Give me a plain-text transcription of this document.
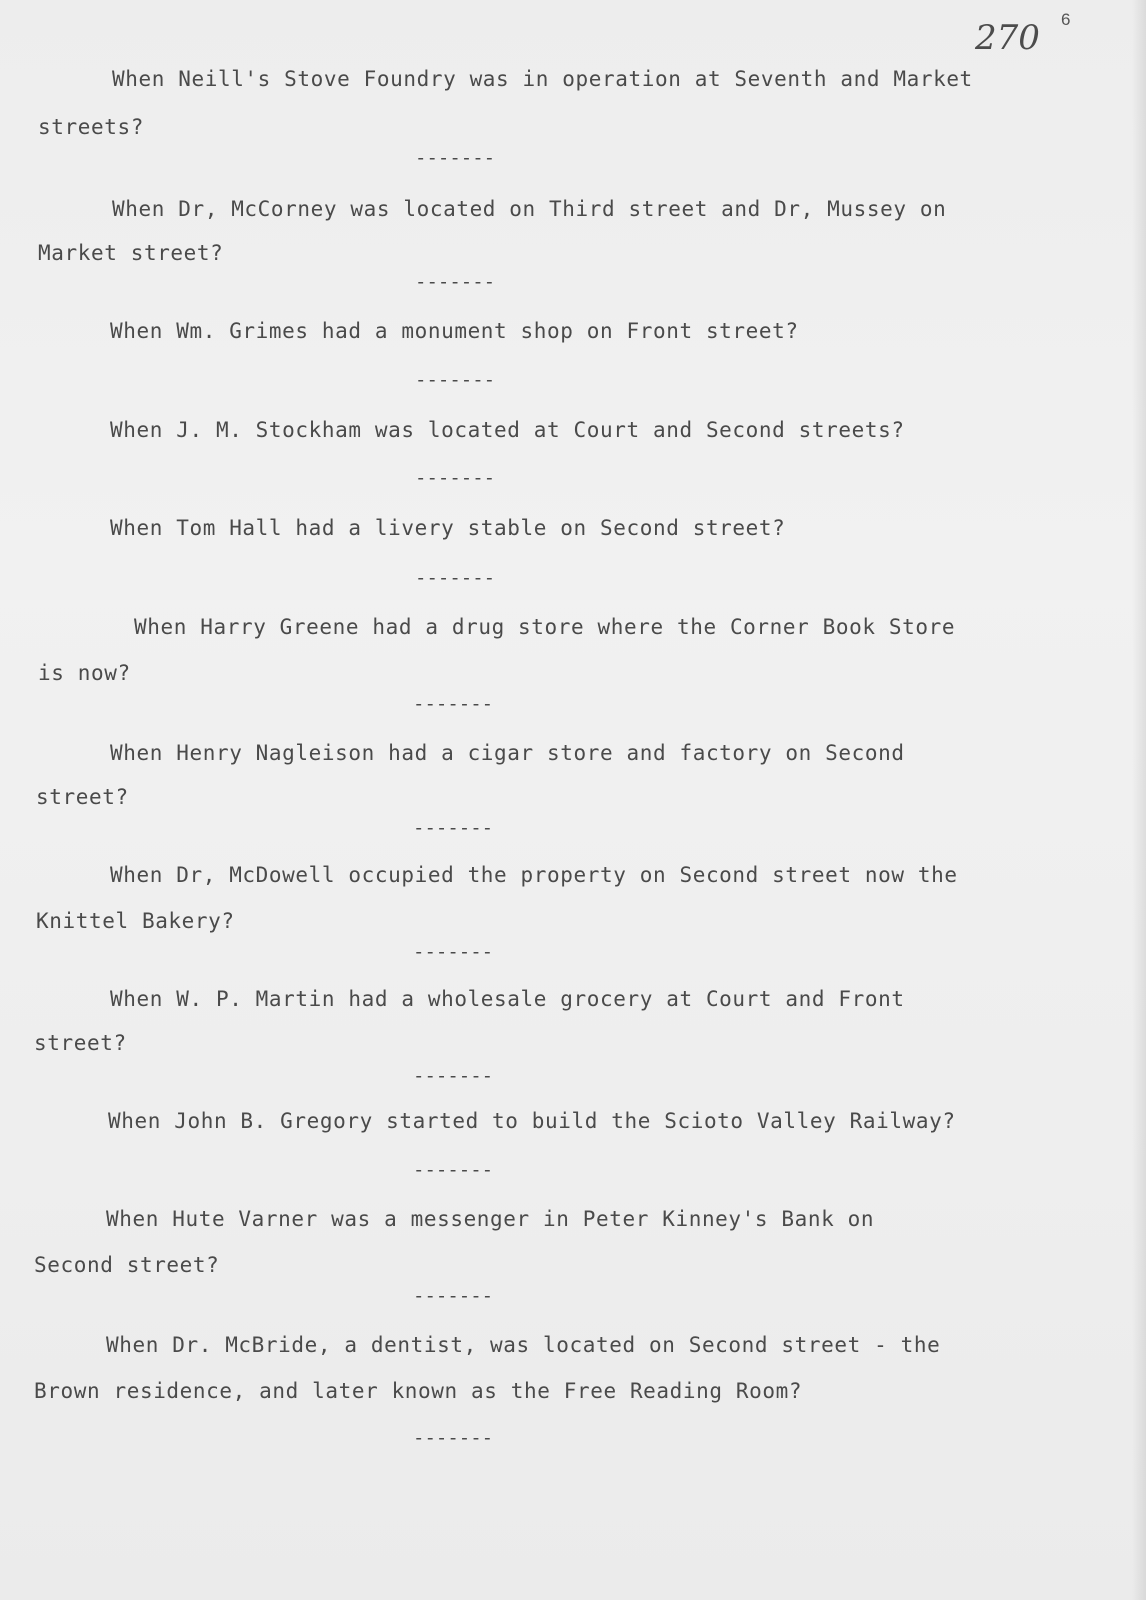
270 6
When Neill's Stove Foundry was in operation at Seventh and Market
streets?
-------
When Dr, McCorney was located on Third street and Dr, Mussey on
Market street?
-------
When Wm. Grimes had a monument shop on Front street?
-------
When J. M. Stockham was located at Court and Second streets?
-------
When Tom Hall had a livery stable on Second street?
-------
When Harry Greene had a drug store where the Corner Book Store
is now?
-------
When Henry Nagleison had a cigar store and factory on Second
street?
-------
When Dr, McDowell occupied the property on Second street now the
Knittel Bakery?
-------
When W. P. Martin had a wholesale grocery at Court and Front
street?
-------
When John B. Gregory started to build the Scioto Valley Railway?
-------
When Hute Varner was a messenger in Peter Kinney's Bank on
Second street?
-------
When Dr. McBride, a dentist, was located on Second street - the
Brown residence, and later known as the Free Reading Room?
-------
